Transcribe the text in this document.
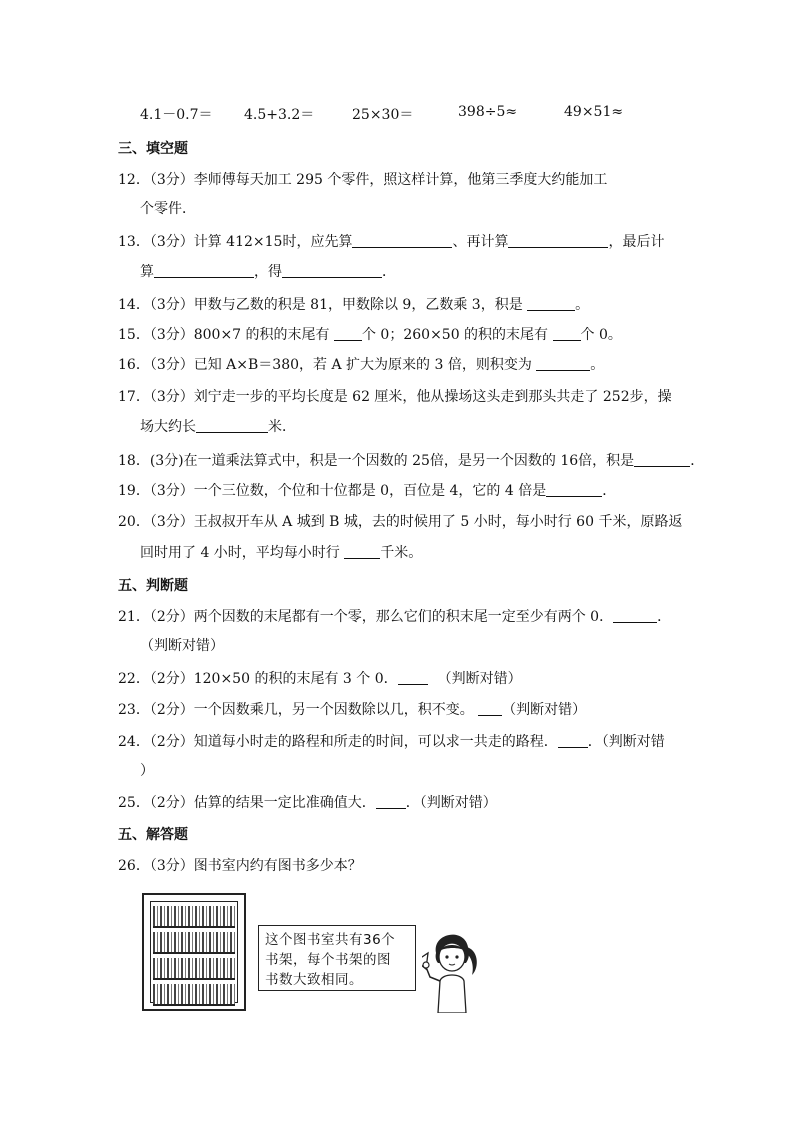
4.1－0.7＝ 4.5+3.2＝	25×30＝	398÷5≈	49×51≈
三、填空题
12．（3分）李师傅每天加工 295 个零件，照这样计算，他第三季度大约能加工
个零件．
13．（3分）计算 412×15时，应先算	、再计算	，最后计
算	，得	．
14．（3分）甲数与乙数的积是 81，甲数除以 9，乙数乘 3，积是	。
15．（3分）800×7 的积的末尾有 个 0；260×50 的积的末尾有 个 0。
16．（3分）已知 A×B＝380，若 A 扩大为原来的 3 倍，则积变为	。
17．（3分）刘宁走一步的平均长度是 62 厘米，他从操场这头走到那头共走了 252步，操
场大约长	米．
18．(3分)在一道乘法算式中，积是一个因数的 25倍，是另一个因数的 16倍，积是	．
19．（3分）一个三位数，个位和十位都是 0，百位是 4，它的 4 倍是	．
20．（3分）王叔叔开车从 A 城到 B 城，去的时候用了 5 小时，每小时行 60 千米，原路返
回时用了 4 小时，平均每小时行	千米。
五、判断题
21．（2分）两个因数的末尾都有一个零，那么它们的积末尾一定至少有两个 0．	．
（判断对错）
22．（2分）120×50 的积的末尾有 3 个 0．	（判断对错）
23．（2分）一个因数乘几，另一个因数除以几，积不变。 （判断对错）
24．（2分）知道每小时走的路程和所走的时间，可以求一共走的路程． ．（判断对错
）
25．（2分）估算的结果一定比准确值大． ．（判断对错）
五、解答题
26．（3分）图书室内约有图书多少本？
这个图书室共有36个
书架，每个书架的图
书数大致相同。
